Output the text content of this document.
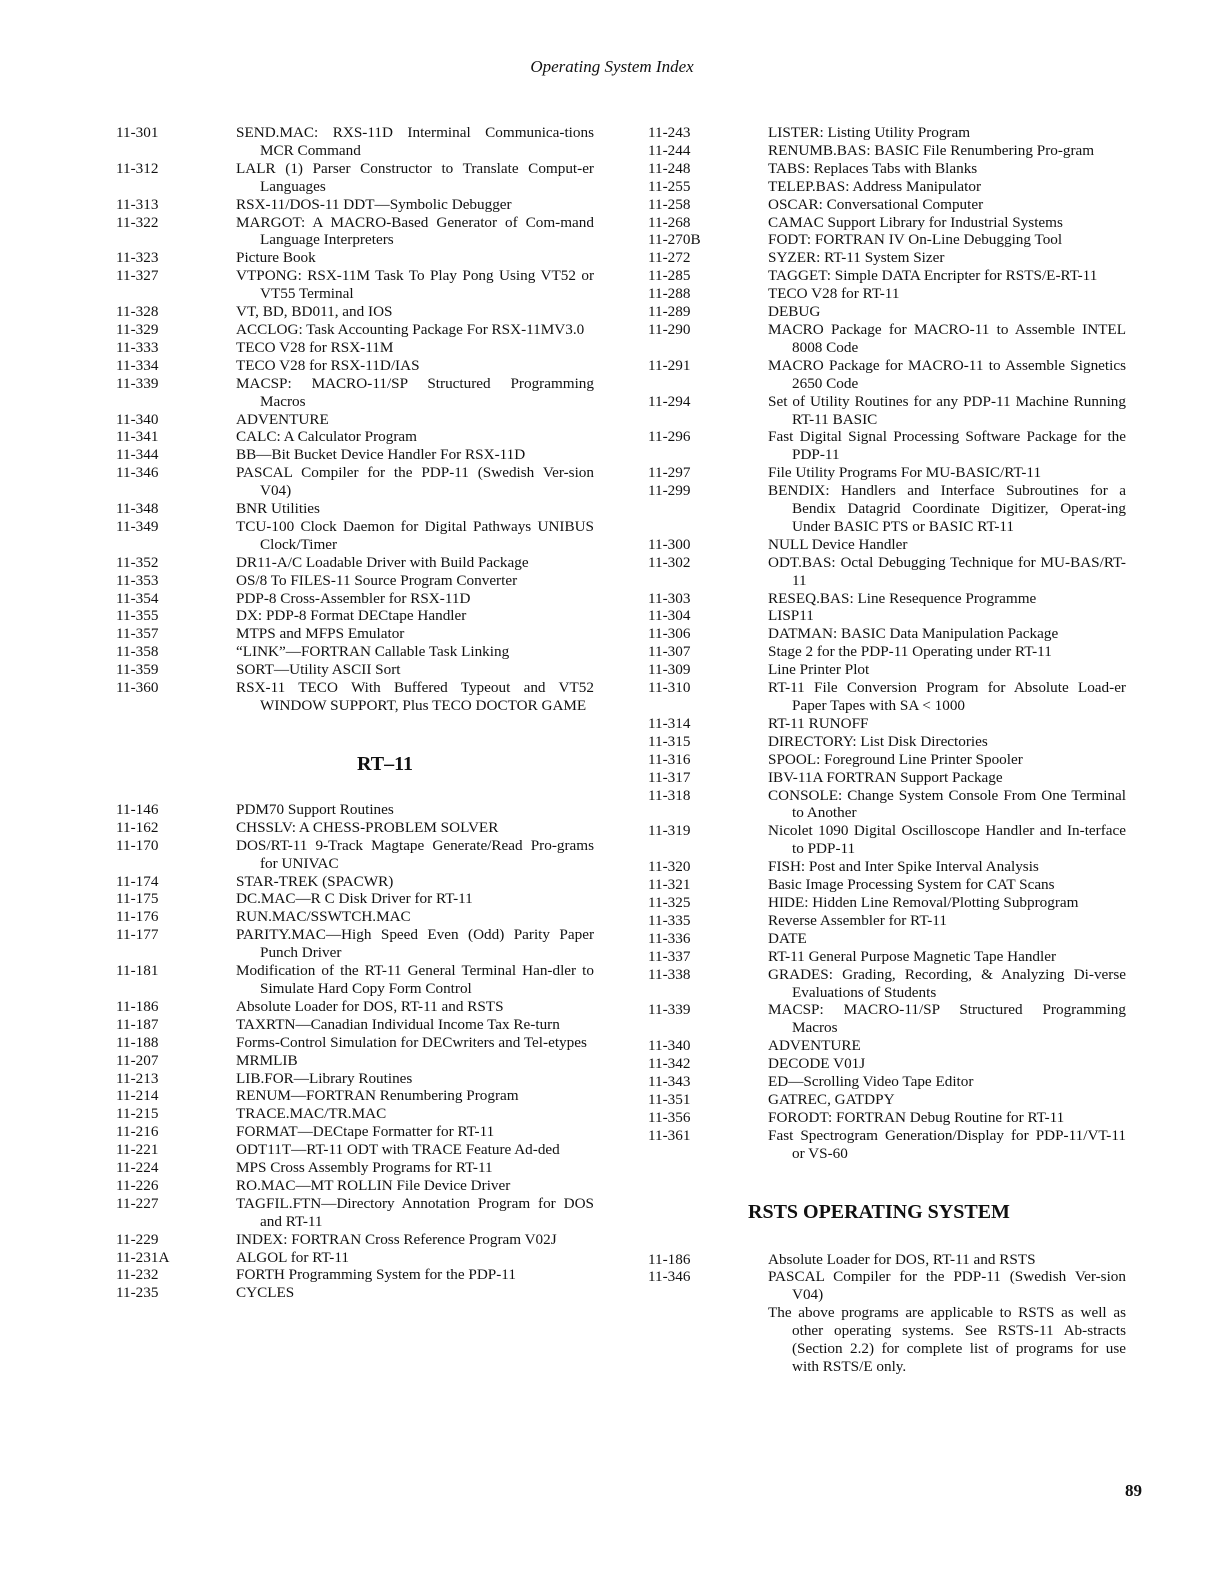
Operating System Index
11-301	SEND.MAC: RXS-11D Interminal Communica-tions MCR Command
11-312	LALR (1) Parser Constructor to Translate Comput-er Languages
11-313	RSX-11/DOS-11 DDT—Symbolic Debugger
11-322	MARGOT: A MACRO-Based Generator of Com-mand Language Interpreters
11-323	Picture Book
11-327	VTPONG: RSX-11M Task To Play Pong Using VT52 or VT55 Terminal
11-328	VT, BD, BD011, and IOS
11-329	ACCLOG: Task Accounting Package For RSX-11MV3.0
11-333	TECO V28 for RSX-11M
11-334	TECO V28 for RSX-11D/IAS
11-339	MACSP: MACRO-11/SP Structured Programming Macros
11-340	ADVENTURE
11-341	CALC: A Calculator Program
11-344	BB—Bit Bucket Device Handler For RSX-11D
11-346	PASCAL Compiler for the PDP-11 (Swedish Ver-sion V04)
11-348	BNR Utilities
11-349	TCU-100 Clock Daemon for Digital Pathways UNIBUS Clock/Timer
11-352	DR11-A/C Loadable Driver with Build Package
11-353	OS/8 To FILES-11 Source Program Converter
11-354	PDP-8 Cross-Assembler for RSX-11D
11-355	DX: PDP-8 Format DECtape Handler
11-357	MTPS and MFPS Emulator
11-358	“LINK”—FORTRAN Callable Task Linking
11-359	SORT—Utility ASCII Sort
11-360	RSX-11 TECO With Buffered Typeout and VT52 WINDOW SUPPORT, Plus TECO DOCTOR GAME
RT–11
11-146	PDM70 Support Routines
11-162	CHSSLV: A CHESS-PROBLEM SOLVER
11-170	DOS/RT-11 9-Track Magtape Generate/Read Pro-grams for UNIVAC
11-174	STAR-TREK (SPACWR)
11-175	DC.MAC—R C Disk Driver for RT-11
11-176	RUN.MAC/SSWTCH.MAC
11-177	PARITY.MAC—High Speed Even (Odd) Parity Paper Punch Driver
11-181	Modification of the RT-11 General Terminal Han-dler to Simulate Hard Copy Form Control
11-186	Absolute Loader for DOS, RT-11 and RSTS
11-187	TAXRTN—Canadian Individual Income Tax Re-turn
11-188	Forms-Control Simulation for DECwriters and Tel-etypes
11-207	MRMLIB
11-213	LIB.FOR—Library Routines
11-214	RENUM—FORTRAN Renumbering Program
11-215	TRACE.MAC/TR.MAC
11-216	FORMAT—DECtape Formatter for RT-11
11-221	ODT11T—RT-11 ODT with TRACE Feature Ad-ded
11-224	MPS Cross Assembly Programs for RT-11
11-226	RO.MAC—MT ROLLIN File Device Driver
11-227	TAGFIL.FTN—Directory Annotation Program for DOS and RT-11
11-229	INDEX: FORTRAN Cross Reference Program V02J
11-231A	ALGOL for RT-11
11-232	FORTH Programming System for the PDP-11
11-235	CYCLES
11-243	LISTER: Listing Utility Program
11-244	RENUMB.BAS: BASIC File Renumbering Pro-gram
11-248	TABS: Replaces Tabs with Blanks
11-255	TELEP.BAS: Address Manipulator
11-258	OSCAR: Conversational Computer
11-268	CAMAC Support Library for Industrial Systems
11-270B	FODT: FORTRAN IV On-Line Debugging Tool
11-272	SYZER: RT-11 System Sizer
11-285	TAGGET: Simple DATA Encripter for RSTS/E-RT-11
11-288	TECO V28 for RT-11
11-289	DEBUG
11-290	MACRO Package for MACRO-11 to Assemble INTEL 8008 Code
11-291	MACRO Package for MACRO-11 to Assemble Signetics 2650 Code
11-294	Set of Utility Routines for any PDP-11 Machine Running RT-11 BASIC
11-296	Fast Digital Signal Processing Software Package for the PDP-11
11-297	File Utility Programs For MU-BASIC/RT-11
11-299	BENDIX: Handlers and Interface Subroutines for a Bendix Datagrid Coordinate Digitizer, Operat-ing Under BASIC PTS or BASIC RT-11
11-300	NULL Device Handler
11-302	ODT.BAS: Octal Debugging Technique for MU-BAS/RT-11
11-303	RESEQ.BAS: Line Resequence Programme
11-304	LISP11
11-306	DATMAN: BASIC Data Manipulation Package
11-307	Stage 2 for the PDP-11 Operating under RT-11
11-309	Line Printer Plot
11-310	RT-11 File Conversion Program for Absolute Load-er Paper Tapes with SA < 1000
11-314	RT-11 RUNOFF
11-315	DIRECTORY: List Disk Directories
11-316	SPOOL: Foreground Line Printer Spooler
11-317	IBV-11A FORTRAN Support Package
11-318	CONSOLE: Change System Console From One Terminal to Another
11-319	Nicolet 1090 Digital Oscilloscope Handler and In-terface to PDP-11
11-320	FISH: Post and Inter Spike Interval Analysis
11-321	Basic Image Processing System for CAT Scans
11-325	HIDE: Hidden Line Removal/Plotting Subprogram
11-335	Reverse Assembler for RT-11
11-336	DATE
11-337	RT-11 General Purpose Magnetic Tape Handler
11-338	GRADES: Grading, Recording, & Analyzing Di-verse Evaluations of Students
11-339	MACSP: MACRO-11/SP Structured Programming Macros
11-340	ADVENTURE
11-342	DECODE V01J
11-343	ED—Scrolling Video Tape Editor
11-351	GATREC, GATDPY
11-356	FORODT: FORTRAN Debug Routine for RT-11
11-361	Fast Spectrogram Generation/Display for PDP-11/VT-11 or VS-60
RSTS OPERATING SYSTEM
11-186	Absolute Loader for DOS, RT-11 and RSTS
11-346	PASCAL Compiler for the PDP-11 (Swedish Ver-sion V04)
The above programs are applicable to RSTS as well as other operating systems. See RSTS-11 Ab-stracts (Section 2.2) for complete list of programs for use with RSTS/E only.
89
